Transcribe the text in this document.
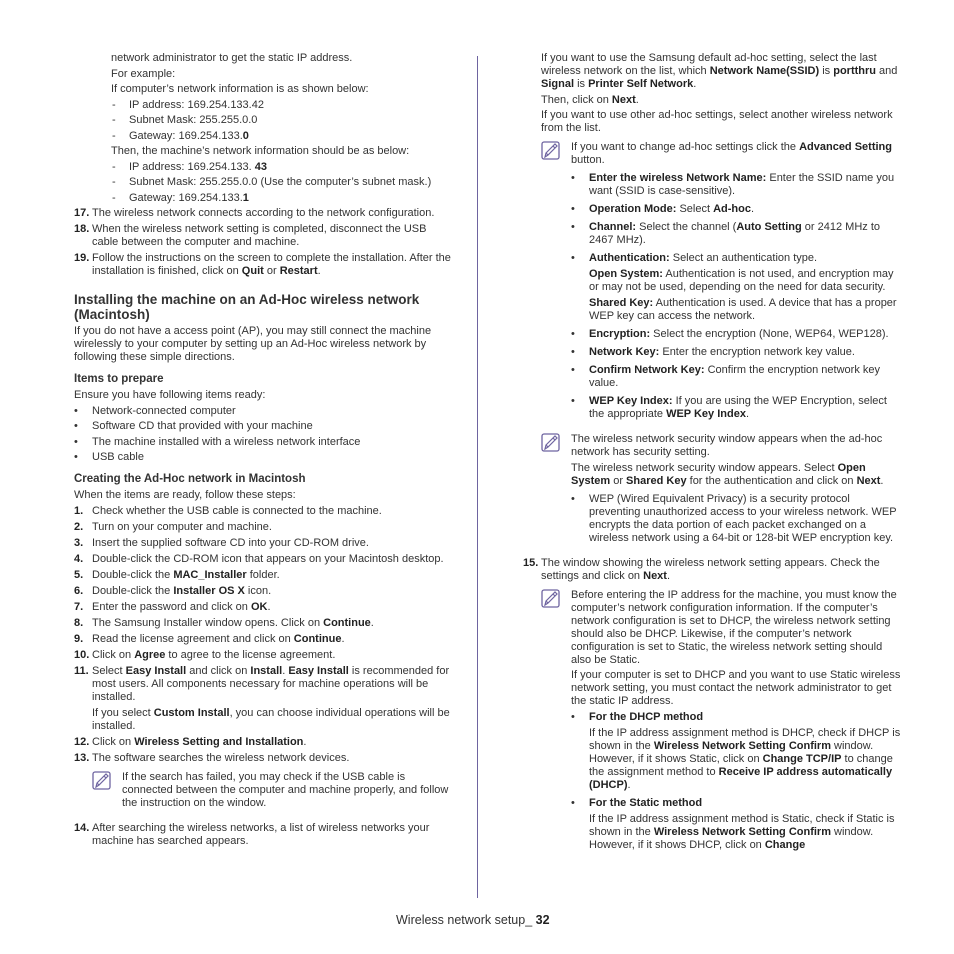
network administrator to get the static IP address.

For example:

If computer’s network information is as shown below:

- IP address: 169.254.133.42
- Subnet Mask: 255.255.0.0
- Gateway: 169.254.133.0

Then, the machine’s network information should be as below:

- IP address: 169.254.133. 43
- Subnet Mask: 255.255.0.0 (Use the computer’s subnet mask.)
- Gateway: 169.254.133.1
17. The wireless network connects according to the network configuration.
18. When the wireless network setting is completed, disconnect the USB cable between the computer and machine.
19. Follow the instructions on the screen to complete the installation. After the installation is finished, click on Quit or Restart.
Installing the machine on an Ad-Hoc wireless network (Macintosh)

If you do not have a access point (AP), you may still connect the machine wirelessly to your computer by setting up an Ad-Hoc wireless network by following these simple directions.

Items to prepare

Ensure you have following items ready:

• Network-connected computer
• Software CD that provided with your machine
• The machine installed with a wireless network interface
• USB cable
Creating the Ad-Hoc network in Macintosh

When the items are ready, follow these steps:

1. Check whether the USB cable is connected to the machine.
2. Turn on your computer and machine.
3. Insert the supplied software CD into your CD-ROM drive.
4. Double-click the CD-ROM icon that appears on your Macintosh desktop.
5. Double-click the MAC_Installer folder.
6. Double-click the Installer OS X icon.
7. Enter the password and click on OK.
8. The Samsung Installer window opens. Click on Continue.
9. Read the license agreement and click on Continue.
10. Click on Agree to agree to the license agreement.
11. Select Easy Install and click on Install. Easy Install is recommended for most users. All components necessary for machine operations will be installed.

If you select Custom Install, you can choose individual operations will be installed.

12. Click on Wireless Setting and Installation.
13. The software searches the wireless network devices.

If the search has failed, you may check if the USB cable is connected between the computer and machine properly, and follow the instruction on the window.

14. After searching the wireless networks, a list of wireless networks your machine has searched appears.

If you want to use the Samsung default ad-hoc setting, select the last wireless network on the list, which Network Name(SSID) is portthru and Signal is Printer Self Network.

Then, click on Next.

If you want to use other ad-hoc settings, select another wireless network from the list.

If you want to change ad-hoc settings click the Advanced Setting button.

• Enter the wireless Network Name: Enter the SSID name you want (SSID is case-sensitive).
• Operation Mode: Select Ad-hoc.
• Channel: Select the channel (Auto Setting or 2412 MHz to 2467 MHz).
• Authentication: Select an authentication type.

Open System: Authentication is not used, and encryption may or may not be used, depending on the need for data security.

Shared Key: Authentication is used. A device that has a proper WEP key can access the network.

• Encryption: Select the encryption (None, WEP64, WEP128).
• Network Key: Enter the encryption network key value.
• Confirm Network Key: Confirm the encryption network key value.
• WEP Key Index: If you are using the WEP Encryption, select the appropriate WEP Key Index.

The wireless network security window appears when the ad-hoc network has security setting.

The wireless network security window appears. Select Open System or Shared Key for the authentication and click on Next.

• WEP (Wired Equivalent Privacy) is a security protocol preventing unauthorized access to your wireless network. WEP encrypts the data portion of each packet exchanged on a wireless network using a 64-bit or 128-bit WEP encryption key.
15. The window showing the wireless network setting appears. Check the settings and click on Next.

Before entering the IP address for the machine, you must know the computer’s network configuration information. If the computer’s network configuration is set to DHCP, the wireless network setting should also be DHCP. Likewise, if the computer’s network configuration is set to Static, the wireless network setting should also be Static.

If your computer is set to DHCP and you want to use Static wireless network setting, you must contact the network administrator to get the static IP address.

• For the DHCP method

If the IP address assignment method is DHCP, check if DHCP is shown in the Wireless Network Setting Confirm window. However, if it shows Static, click on Change TCP/IP to change the assignment method to Receive IP address automatically (DHCP).

• For the Static method

If the IP address assignment method is Static, check if Static is shown in the Wireless Network Setting Confirm window. However, if it shows DHCP, click on Change

Wireless network setup_ 32
